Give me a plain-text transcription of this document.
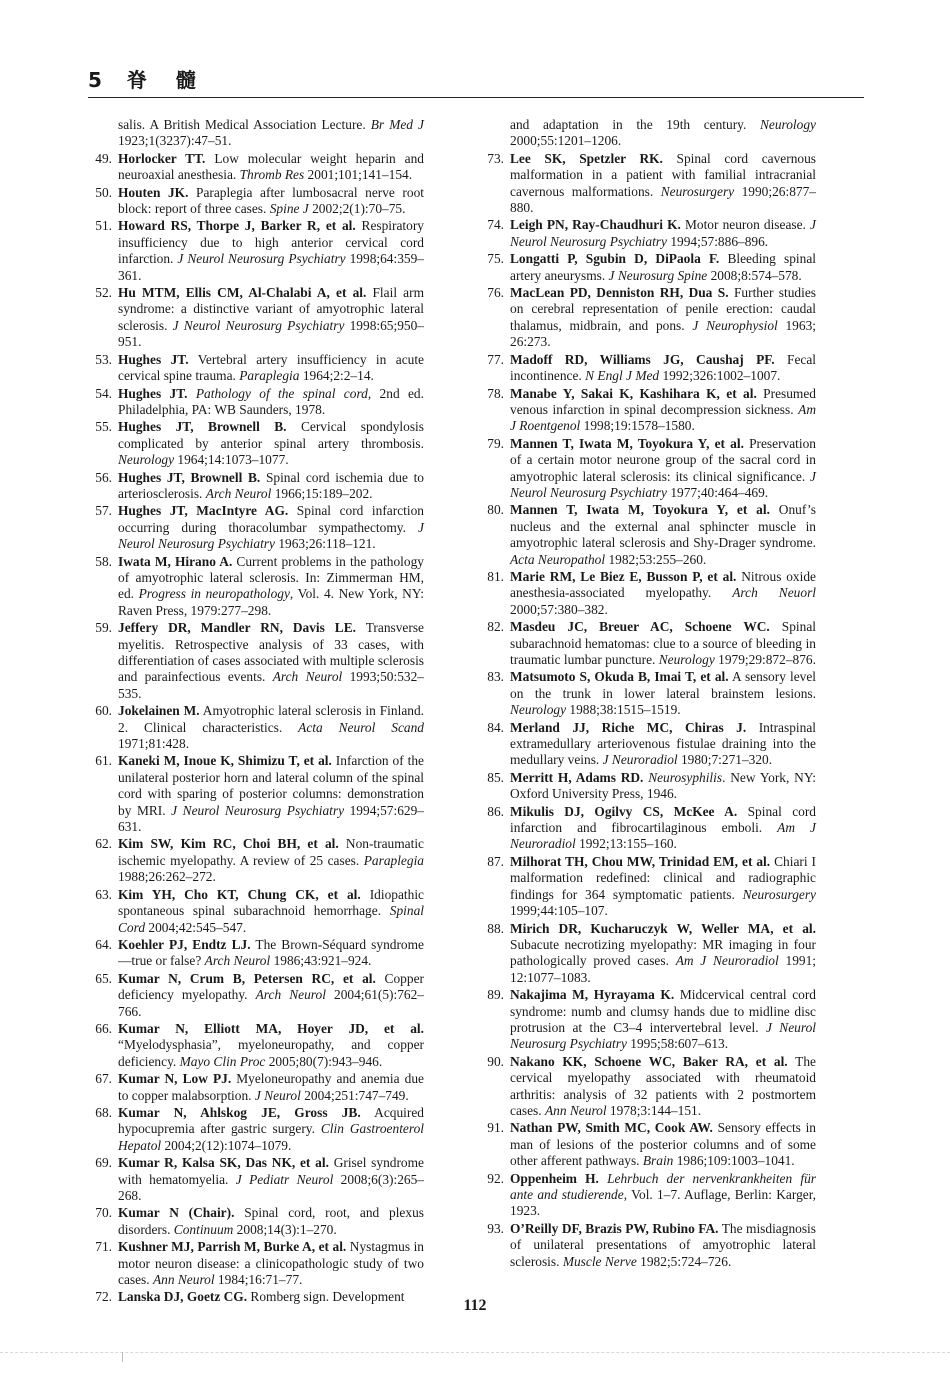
5 脊 髓

salis. A British Medical Association Lecture. Br Med J 1923;1(3237):47–51.

49. Horlocker TT. Low molecular weight heparin and neuroaxial anesthesia. Thromb Res 2001;101;141–154.

50. Houten JK. Paraplegia after lumbosacral nerve root block: report of three cases. Spine J 2002;2(1):70–75.

51. Howard RS, Thorpe J, Barker R, et al. Respiratory insufficiency due to high anterior cervical cord infarction. J Neurol Neurosurg Psychiatry 1998;64:359–361.

52. Hu MTM, Ellis CM, Al-Chalabi A, et al. Flail arm syndrome: a distinctive variant of amyotrophic lateral sclerosis. J Neurol Neurosurg Psychiatry 1998:65;950–951.

53. Hughes JT. Vertebral artery insufficiency in acute cervical spine trauma. Paraplegia 1964;2:2–14.

54. Hughes JT. Pathology of the spinal cord, 2nd ed. Philadelphia, PA: WB Saunders, 1978.

55. Hughes JT, Brownell B. Cervical spondylosis complicated by anterior spinal artery thrombosis. Neurology 1964;14:1073–1077.

56. Hughes JT, Brownell B. Spinal cord ischemia due to arteriosclerosis. Arch Neurol 1966;15:189–202.

57. Hughes JT, MacIntyre AG. Spinal cord infarction occurring during thoracolumbar sympathectomy. J Neurol Neurosurg Psychiatry 1963;26:118–121.

58. Iwata M, Hirano A. Current problems in the pathology of amyotrophic lateral sclerosis. In: Zimmerman HM, ed. Progress in neuropathology, Vol. 4. New York, NY: Raven Press, 1979:277–298.

59. Jeffery DR, Mandler RN, Davis LE. Transverse myelitis. Retrospective analysis of 33 cases, with differentiation of cases associated with multiple sclerosis and parainfectious events. Arch Neurol 1993;50:532–535.

60. Jokelainen M. Amyotrophic lateral sclerosis in Finland. 2. Clinical characteristics. Acta Neurol Scand 1971;81:428.

61. Kaneki M, Inoue K, Shimizu T, et al. Infarction of the unilateral posterior horn and lateral column of the spinal cord with sparing of posterior columns: demonstration by MRI. J Neurol Neurosurg Psychiatry 1994;57:629–631.

62. Kim SW, Kim RC, Choi BH, et al. Non-traumatic ischemic myelopathy. A review of 25 cases. Paraplegia 1988;26:262–272.

63. Kim YH, Cho KT, Chung CK, et al. Idiopathic spontaneous spinal subarachnoid hemorrhage. Spinal Cord 2004;42:545–547.

64. Koehler PJ, Endtz LJ. The Brown-Séquard syndrome—true or false? Arch Neurol 1986;43:921–924.

65. Kumar N, Crum B, Petersen RC, et al. Copper deficiency myelopathy. Arch Neurol 2004;61(5):762–766.

66. Kumar N, Elliott MA, Hoyer JD, et al. “Myelodysphasia”, myeloneuropathy, and copper deficiency. Mayo Clin Proc 2005;80(7):943–946.

67. Kumar N, Low PJ. Myeloneuropathy and anemia due to copper malabsorption. J Neurol 2004;251:747–749.

68. Kumar N, Ahlskog JE, Gross JB. Acquired hypocupremia after gastric surgery. Clin Gastroenterol Hepatol 2004;2(12):1074–1079.

69. Kumar R, Kalsa SK, Das NK, et al. Grisel syndrome with hematomyelia. J Pediatr Neurol 2008;6(3):265–268.

70. Kumar N (Chair). Spinal cord, root, and plexus disorders. Continuum 2008;14(3):1–270.

71. Kushner MJ, Parrish M, Burke A, et al. Nystagmus in motor neuron disease: a clinicopathologic study of two cases. Ann Neurol 1984;16:71–77.

72. Lanska DJ, Goetz CG. Romberg sign. Development

and adaptation in the 19th century. Neurology 2000;55:1201–1206.

73. Lee SK, Spetzler RK. Spinal cord cavernous malformation in a patient with familial intracranial cavernous malformations. Neurosurgery 1990;26:877–880.

74. Leigh PN, Ray-Chaudhuri K. Motor neuron disease. J Neurol Neurosurg Psychiatry 1994;57:886–896.

75. Longatti P, Sgubin D, DiPaola F. Bleeding spinal artery aneurysms. J Neurosurg Spine 2008;8:574–578.

76. MacLean PD, Denniston RH, Dua S. Further studies on cerebral representation of penile erection: caudal thalamus, midbrain, and pons. J Neurophysiol 1963; 26:273.

77. Madoff RD, Williams JG, Caushaj PF. Fecal incontinence. N Engl J Med 1992;326:1002–1007.

78. Manabe Y, Sakai K, Kashihara K, et al. Presumed venous infarction in spinal decompression sickness. Am J Roentgenol 1998;19:1578–1580.

79. Mannen T, Iwata M, Toyokura Y, et al. Preservation of a certain motor neurone group of the sacral cord in amyotrophic lateral sclerosis: its clinical significance. J Neurol Neurosurg Psychiatry 1977;40:464–469.

80. Mannen T, Iwata M, Toyokura Y, et al. Onuf’s nucleus and the external anal sphincter muscle in amyotrophic lateral sclerosis and Shy-Drager syndrome. Acta Neuropathol 1982;53:255–260.

81. Marie RM, Le Biez E, Busson P, et al. Nitrous oxide anesthesia-associated myelopathy. Arch Neuorl 2000;57:380–382.

82. Masdeu JC, Breuer AC, Schoene WC. Spinal subarachnoid hematomas: clue to a source of bleeding in traumatic lumbar puncture. Neurology 1979;29:872–876.

83. Matsumoto S, Okuda B, Imai T, et al. A sensory level on the trunk in lower lateral brainstem lesions. Neurology 1988;38:1515–1519.

84. Merland JJ, Riche MC, Chiras J. Intraspinal extramedullary arteriovenous fistulae draining into the medullary veins. J Neuroradiol 1980;7:271–320.

85. Merritt H, Adams RD. Neurosyphilis. New York, NY: Oxford University Press, 1946.

86. Mikulis DJ, Ogilvy CS, McKee A. Spinal cord infarction and fibrocartilaginous emboli. Am J Neuroradiol 1992;13:155–160.

87. Milhorat TH, Chou MW, Trinidad EM, et al. Chiari I malformation redefined: clinical and radiographic findings for 364 symptomatic patients. Neurosurgery 1999;44:105–107.

88. Mirich DR, Kucharuczyk W, Weller MA, et al. Subacute necrotizing myelopathy: MR imaging in four pathologically proved cases. Am J Neuroradiol 1991; 12:1077–1083.

89. Nakajima M, Hyrayama K. Midcervical central cord syndrome: numb and clumsy hands due to midline disc protrusion at the C3–4 intervertebral level. J Neurol Neurosurg Psychiatry 1995;58:607–613.

90. Nakano KK, Schoene WC, Baker RA, et al. The cervical myelopathy associated with rheumatoid arthritis: analysis of 32 patients with 2 postmortem cases. Ann Neurol 1978;3:144–151.

91. Nathan PW, Smith MC, Cook AW. Sensory effects in man of lesions of the posterior columns and of some other afferent pathways. Brain 1986;109:1003–1041.

92. Oppenheim H. Lehrbuch der nervenkrankheiten für ante and studierende, Vol. 1–7. Auflage, Berlin: Karger, 1923.

93. O’Reilly DF, Brazis PW, Rubino FA. The misdiagnosis of unilateral presentations of amyotrophic lateral sclerosis. Muscle Nerve 1982;5:724–726.

112
